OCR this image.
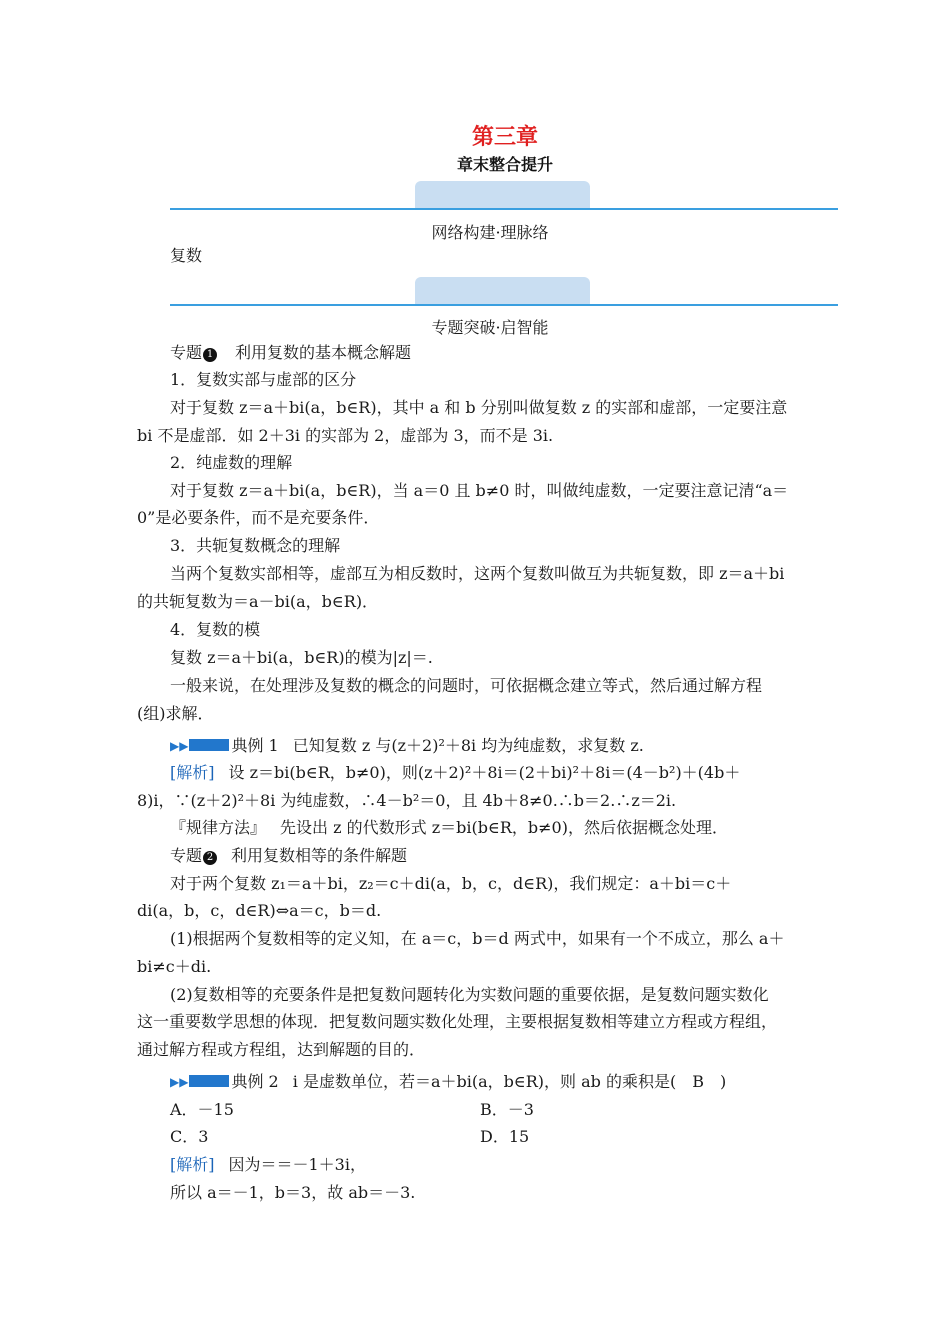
第三章
章末整合提升
网络构建·理脉络
复数
专题突破·启智能
专题 1 利用复数的基本概念解题
1．复数实部与虚部的区分
对于复数 z＝a＋bi(a，b∈R)，其中 a 和 b 分别叫做复数 z 的实部和虚部，一定要注意
bi 不是虚部．如 2＋3i 的实部为 2，虚部为 3，而不是 3i.
2．纯虚数的理解
对于复数 z＝a＋bi(a，b∈R)，当 a＝0 且 b≠0 时，叫做纯虚数，一定要注意记清“a＝
0”是必要条件，而不是充要条件．
3．共轭复数概念的理解
当两个复数实部相等，虚部互为相反数时，这两个复数叫做互为共轭复数，即 z＝a＋bi
的共轭复数为＝a－bi(a，b∈R)．
4．复数的模
复数 z＝a＋bi(a，b∈R)的模为|z|＝.
一般来说，在处理涉及复数的概念的问题时，可依据概念建立等式，然后通过解方程
(组)求解．
▶▶	典例 1 已知复数 z 与(z＋2)²＋8i 均为纯虚数，求复数 z.
[解析] 设 z＝bi(b∈R，b≠0)，则(z＋2)²＋8i＝(2＋bi)²＋8i＝(4－b²)＋(4b＋
8)i，∵(z＋2)²＋8i 为纯虚数，∴4－b²＝0，且 4b＋8≠0.∴b＝2.∴z＝2i.
『规律方法』 先设出 z 的代数形式 z＝bi(b∈R，b≠0)，然后依据概念处理．
专题 2 利用复数相等的条件解题
对于两个复数 z₁＝a＋bi，z₂＝c＋di(a，b，c，d∈R)，我们规定：a＋bi＝c＋
di(a，b，c，d∈R)⇔a＝c，b＝d.
(1)根据两个复数相等的定义知，在 a＝c，b＝d 两式中，如果有一个不成立，那么 a＋
bi≠c＋di.
(2)复数相等的充要条件是把复数问题转化为实数问题的重要依据，是复数问题实数化
这一重要数学思想的体现．把复数问题实数化处理，主要根据复数相等建立方程或方程组，
通过解方程或方程组，达到解题的目的．
▶▶	典例 2 i 是虚数单位，若＝a＋bi(a，b∈R)，则 ab 的乘积是(　B　)
A．－15	B．－3
C．3	D．15
[解析] 因为＝＝－1＋3i，
所以 a＝－1，b＝3，故 ab＝－3.
